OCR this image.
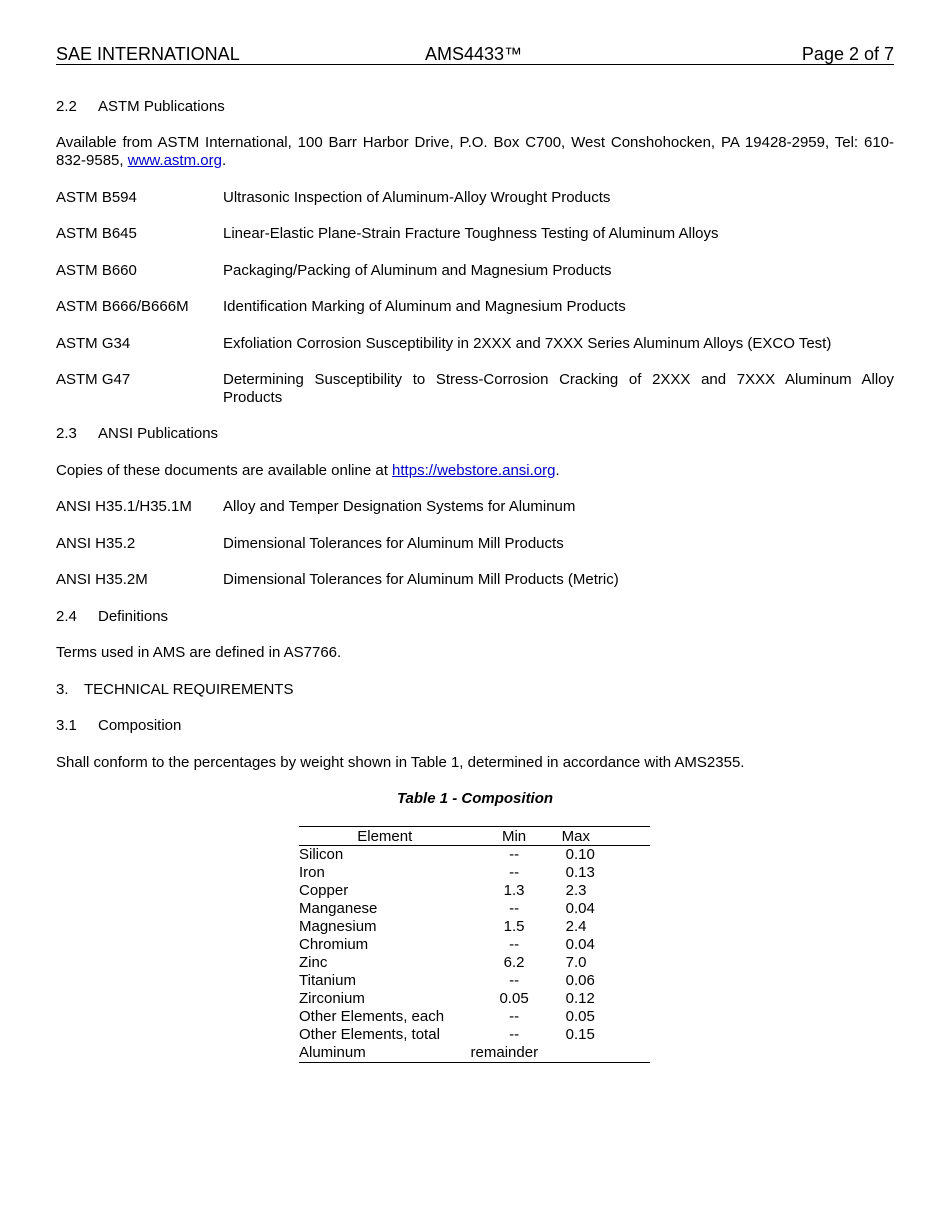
SAE INTERNATIONAL	AMS4433™	Page 2 of 7
2.2 ASTM Publications
Available from ASTM International, 100 Barr Harbor Drive, P.O. Box C700, West Conshohocken, PA 19428-2959, Tel: 610-832-9585, www.astm.org.
ASTM B594	Ultrasonic Inspection of Aluminum-Alloy Wrought Products
ASTM B645	Linear-Elastic Plane-Strain Fracture Toughness Testing of Aluminum Alloys
ASTM B660	Packaging/Packing of Aluminum and Magnesium Products
ASTM B666/B666M Identification Marking of Aluminum and Magnesium Products
ASTM G34	Exfoliation Corrosion Susceptibility in 2XXX and 7XXX Series Aluminum Alloys (EXCO Test)
ASTM G47	Determining Susceptibility to Stress-Corrosion Cracking of 2XXX and 7XXX Aluminum Alloy
Products
2.3 ANSI Publications
Copies of these documents are available online at https://webstore.ansi.org.
ANSI H35.1/H35.1M Alloy and Temper Designation Systems for Aluminum
ANSI H35.2	Dimensional Tolerances for Aluminum Mill Products
ANSI H35.2M	Dimensional Tolerances for Aluminum Mill Products (Metric)
2.4 Definitions
Terms used in AMS are defined in AS7766.
3. TECHNICAL REQUIREMENTS
3.1 Composition
Shall conform to the percentages by weight shown in Table 1, determined in accordance with AMS2355.
Table 1 - Composition
Element	Min	Max
Silicon	--	0.10
Iron	--	0.13
Copper	1.3	2.3
Manganese	--	0.04
Magnesium	1.5	2.4
Chromium	--	0.04
Zinc	6.2	7.0
Titanium	--	0.06
Zirconium	0.05	0.12
Other Elements, each	--	0.05
Other Elements, total	--	0.15
Aluminum	remainder	
